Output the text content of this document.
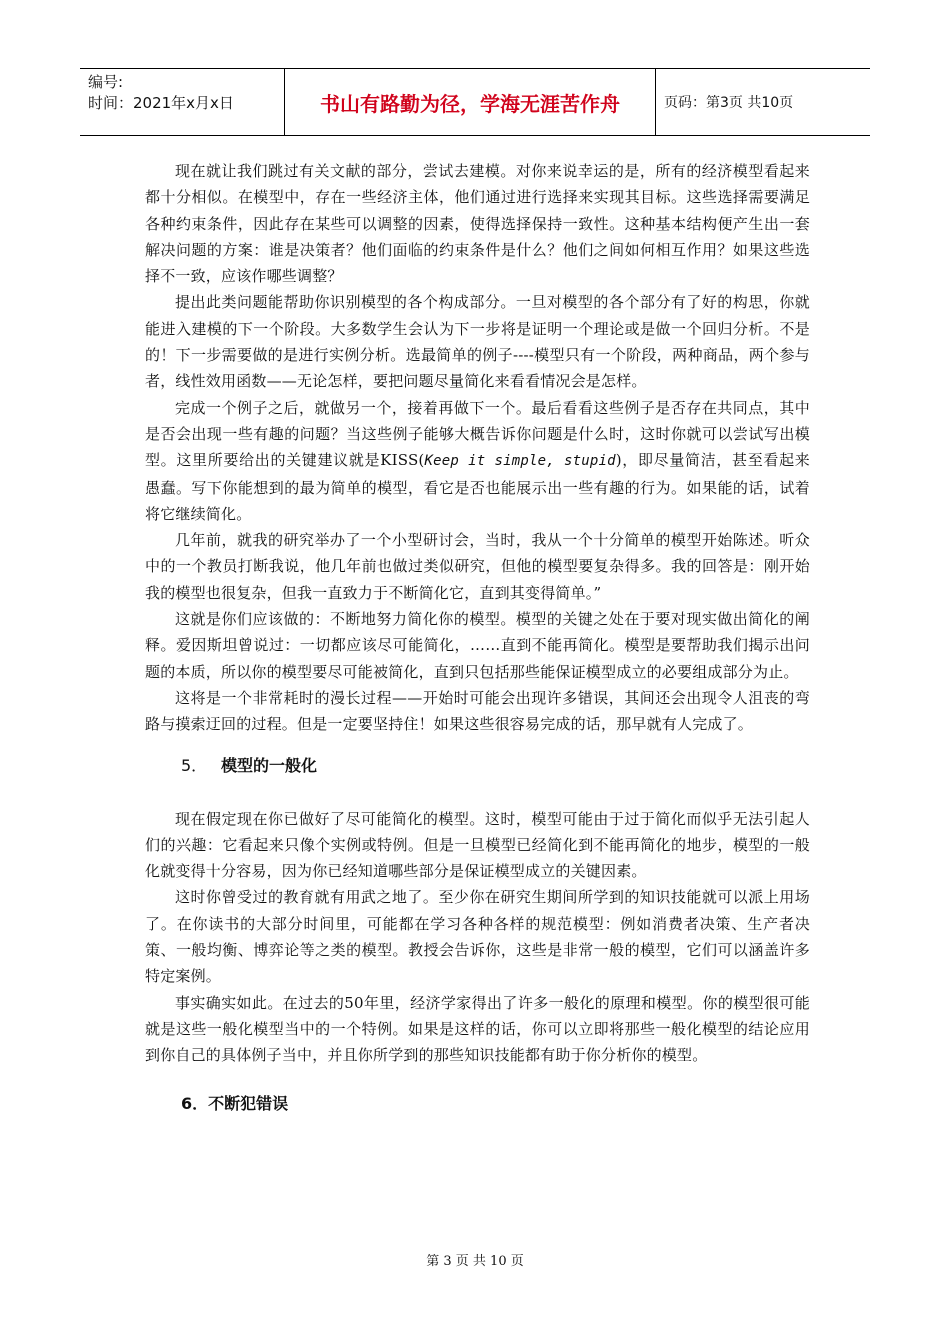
编号:
时间：2021年x月x日	书山有路勤为径，学海无涯苦作舟	页码：第3页 共10页

现在就让我们跳过有关文献的部分，尝试去建模。对你来说幸运的是，所有的经济模型看起来都十分相似。在模型中，存在一些经济主体，他们通过进行选择来实现其目标。这些选择需要满足各种约束条件，因此存在某些可以调整的因素，使得选择保持一致性。这种基本结构便产生出一套解决问题的方案：谁是决策者？他们面临的约束条件是什么？他们之间如何相互作用？如果这些选择不一致，应该作哪些调整？

提出此类问题能帮助你识别模型的各个构成部分。一旦对模型的各个部分有了好的构思，你就能进入建模的下一个阶段。大多数学生会认为下一步将是证明一个理论或是做一个回归分析。不是的！下一步需要做的是进行实例分析。选最简单的例子----模型只有一个阶段，两种商品，两个参与者，线性效用函数——无论怎样，要把问题尽量简化来看看情况会是怎样。

完成一个例子之后，就做另一个，接着再做下一个。最后看看这些例子是否存在共同点，其中是否会出现一些有趣的问题？当这些例子能够大概告诉你问题是什么时，这时你就可以尝试写出模型。这里所要给出的关键建议就是KISS(Keep it simple, stupid)，即尽量简洁，甚至看起来愚蠢。写下你能想到的最为简单的模型，看它是否也能展示出一些有趣的行为。如果能的话，试着将它继续简化。

几年前，就我的研究举办了一个小型研讨会，当时，我从一个十分简单的模型开始陈述。听众中的一个教员打断我说，他几年前也做过类似研究，但他的模型要复杂得多。我的回答是：刚开始我的模型也很复杂，但我一直致力于不断简化它，直到其变得简单。”

这就是你们应该做的：不断地努力简化你的模型。模型的关键之处在于要对现实做出简化的阐释。爱因斯坦曾说过：一切都应该尽可能简化，……直到不能再简化。模型是要帮助我们揭示出问题的本质，所以你的模型要尽可能被简化，直到只包括那些能保证模型成立的必要组成部分为止。

这将是一个非常耗时的漫长过程——开始时可能会出现许多错误，其间还会出现令人沮丧的弯路与摸索迂回的过程。但是一定要坚持住！如果这些很容易完成的话，那早就有人完成了。

5． 模型的一般化

现在假定现在你已做好了尽可能简化的模型。这时，模型可能由于过于简化而似乎无法引起人们的兴趣：它看起来只像个实例或特例。但是一旦模型已经简化到不能再简化的地步，模型的一般化就变得十分容易，因为你已经知道哪些部分是保证模型成立的关键因素。

这时你曾受过的教育就有用武之地了。至少你在研究生期间所学到的知识技能就可以派上用场了。在你读书的大部分时间里，可能都在学习各种各样的规范模型：例如消费者决策、生产者决策、一般均衡、博弈论等之类的模型。教授会告诉你，这些是非常一般的模型，它们可以涵盖许多特定案例。

事实确实如此。在过去的50年里，经济学家得出了许多一般化的原理和模型。你的模型很可能就是这些一般化模型当中的一个特例。如果是这样的话，你可以立即将那些一般化模型的结论应用到你自己的具体例子当中，并且你所学到的那些知识技能都有助于你分析你的模型。

6．不断犯错误
第 3 页 共 10 页
